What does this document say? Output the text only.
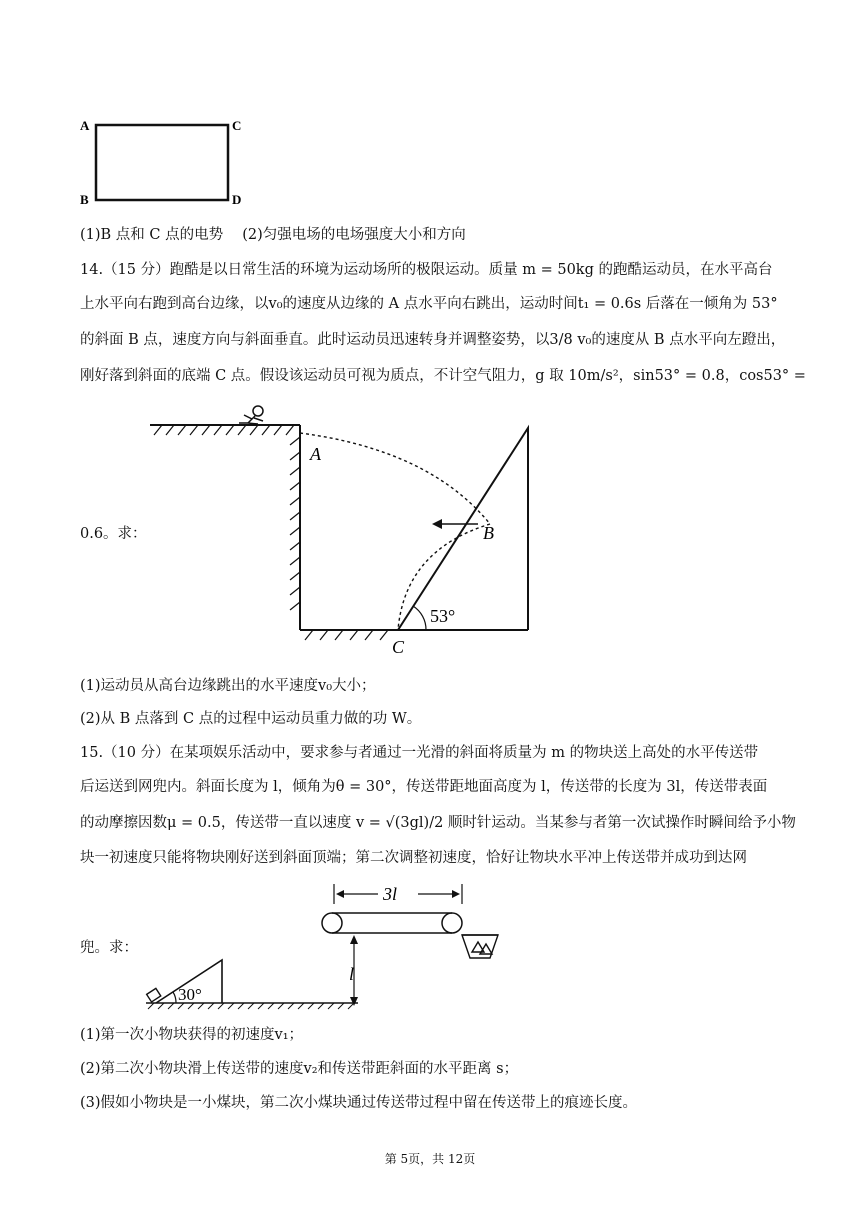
A	C
B	D
(1)B 点和 C 点的电势　 (2)匀强电场的电场强度大小和方向
14.（15 分）跑酷是以日常生活的环境为运动场所的极限运动。质量 m = 50kg 的跑酷运动员，在水平高台
上水平向右跑到高台边缘，以v₀的速度从边缘的 A 点水平向右跳出，运动时间t₁ = 0.6s 后落在一倾角为 53°
的斜面 B 点，速度方向与斜面垂直。此时运动员迅速转身并调整姿势，以3/8 v₀的速度从 B 点水平向左蹬出，
刚好落到斜面的底端 C 点。假设该运动员可视为质点，不计空气阻力，g 取 10m/s²，sin53° = 0.8，cos53° =
0.6。求：
53°
A
B
C
(1)运动员从高台边缘跳出的水平速度v₀大小；
(2)从 B 点落到 C 点的过程中运动员重力做的功 W。
15.（10 分）在某项娱乐活动中，要求参与者通过一光滑的斜面将质量为 m 的物块送上高处的水平传送带
后运送到网兜内。斜面长度为 l，倾角为θ = 30°，传送带距地面高度为 l，传送带的长度为 3l，传送带表面
的动摩擦因数μ = 0.5，传送带一直以速度 v = √(3gl)/2 顺时针运动。当某参与者第一次试操作时瞬间给予小物
块一初速度只能将物块刚好送到斜面顶端；第二次调整初速度，恰好让物块水平冲上传送带并成功到达网
兜。求：
3l
l
30°
(1)第一次小物块获得的初速度v₁；
(2)第二次小物块滑上传送带的速度v₂和传送带距斜面的水平距离 s；
(3)假如小物块是一小煤块，第二次小煤块通过传送带过程中留在传送带上的痕迹长度。
第 5页，共 12页
